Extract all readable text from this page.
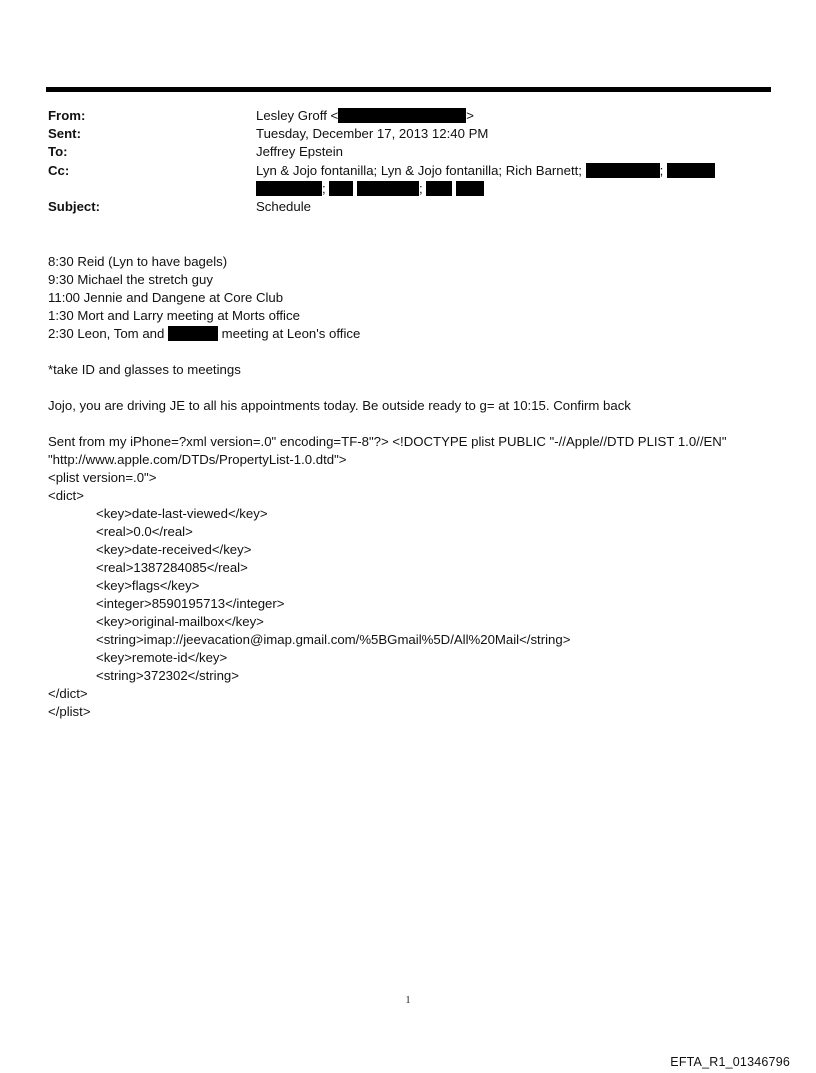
From:	Lesley Groff <	>
Sent:	Tuesday, December 17, 2013 12:40 PM
To:	Jeffrey Epstein
Cc:	Lyn & Jojo fontanilla; Lyn & Jojo fontanilla; Rich Barnett;	;
;	;
Subject:	Schedule

8:30 Reid (Lyn to have bagels)

9:30 Michael the stretch guy

11:00 Jennie and Dangene at Core Club

1:30 Mort and Larry meeting at Morts office

2:30 Leon, Tom and	meeting at Leon's office

*take ID and glasses to meetings

Jojo, you are driving JE to all his appointments today. Be outside ready to g= at 10:15. Confirm back

Sent from my iPhone=?xml version=.0" encoding=TF-8"?> <!DOCTYPE plist PUBLIC "-//Apple//DTD PLIST 1.0//EN"

"http://www.apple.com/DTDs/PropertyList-1.0.dtd">

<plist version=.0">

<dict>

<key>date-last-viewed</key>

<real>0.0</real>

<key>date-received</key>

<real>1387284085</real>

<key>flags</key>

<integer>8590195713</integer>

<key>original-mailbox</key>

<string>imap://jeevacation@imap.gmail.com/%5BGmail%5D/All%20Mail</string>

<key>remote-id</key>

<string>372302</string>

</dict>

</plist>

1
EFTA_R1_01346796
